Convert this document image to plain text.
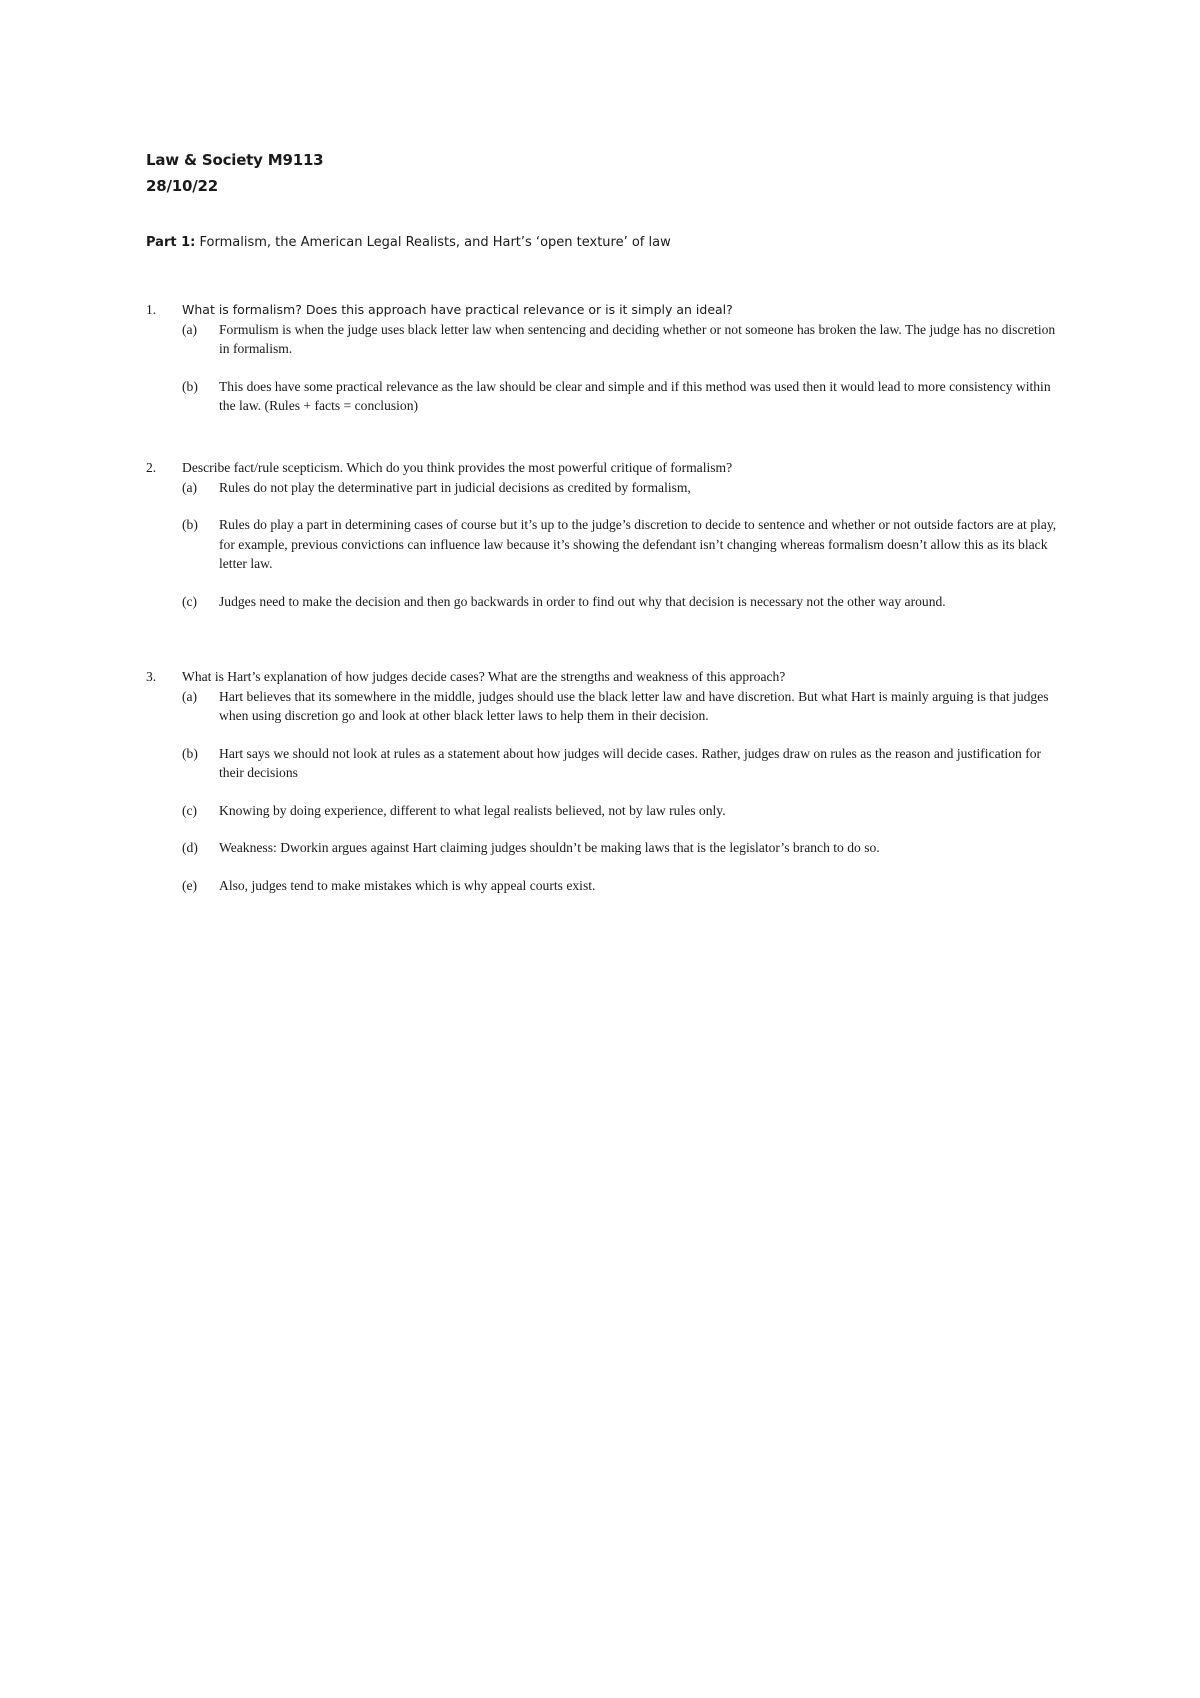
Law & Society M9113
28/10/22
Part 1: Formalism, the American Legal Realists, and Hart’s ‘open texture’ of law
1.	What is formalism? Does this approach have practical relevance or is it simply an ideal?
(a)	Formulism is when the judge uses black letter law when sentencing and deciding whether or not someone has broken the law. The judge has no discretion in formalism.
(b)	This does have some practical relevance as the law should be clear and simple and if this method was used then it would lead to more consistency within the law. (Rules + facts = conclusion)
2.	Describe fact/rule scepticism. Which do you think provides the most powerful critique of formalism?
(a)	Rules do not play the determinative part in judicial decisions as credited by formalism,
(b)	Rules do play a part in determining cases of course but it’s up to the judge’s discretion to decide to sentence and whether or not outside factors are at play, for example, previous convictions can influence law because it’s showing the defendant isn’t changing whereas formalism doesn’t allow this as its black letter law.
(c)	Judges need to make the decision and then go backwards in order to find out why that decision is necessary not the other way around.
3.	What is Hart’s explanation of how judges decide cases? What are the strengths and weakness of this approach?
(a)	Hart believes that its somewhere in the middle, judges should use the black letter law and have discretion. But what Hart is mainly arguing is that judges when using discretion go and look at other black letter laws to help them in their decision.
(b)	Hart says we should not look at rules as a statement about how judges will decide cases. Rather, judges draw on rules as the reason and justification for their decisions
(c)	Knowing by doing experience, different to what legal realists believed, not by law rules only.
(d)	Weakness: Dworkin argues against Hart claiming judges shouldn’t be making laws that is the legislator’s branch to do so.
(e)	Also, judges tend to make mistakes which is why appeal courts exist.
